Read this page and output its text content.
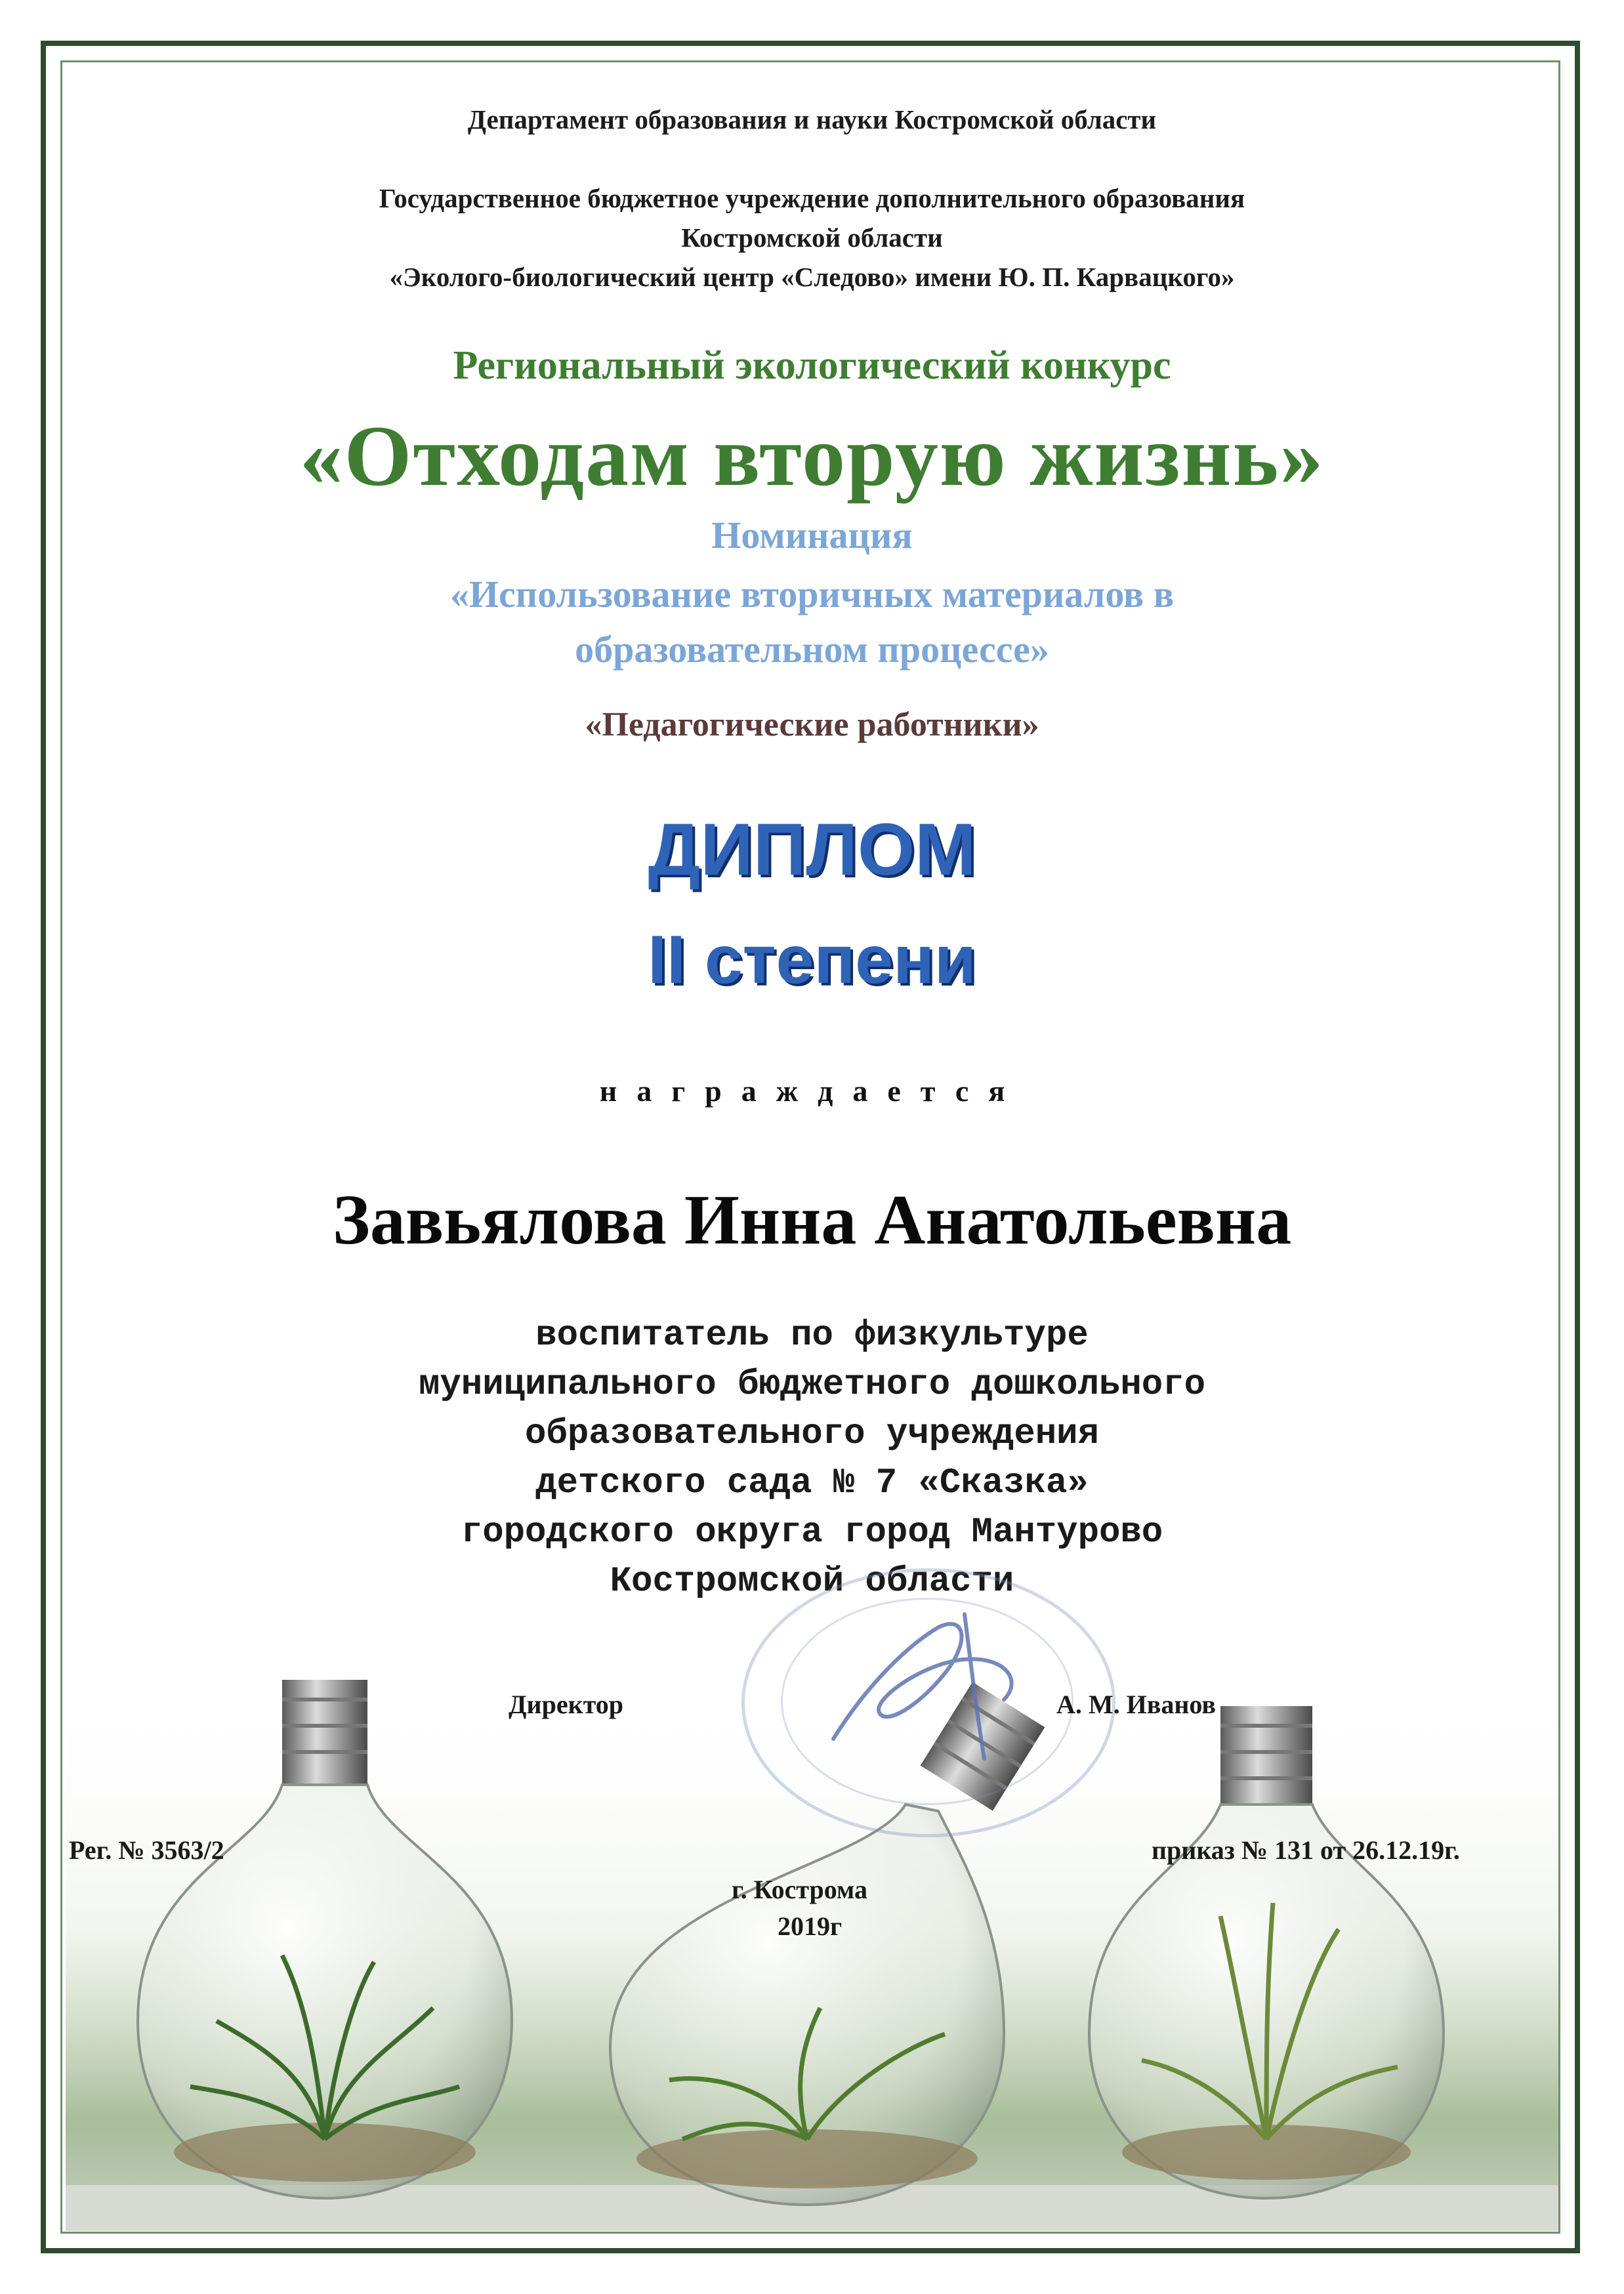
Департамент образования и науки Костромской области
Государственное бюджетное учреждение дополнительного образования
Костромской области
«Эколого-биологический центр «Следово» имени Ю. П. Карвацкого»
Региональный экологический конкурс
«Отходам вторую жизнь»
Номинация
«Использование вторичных материалов в
образовательном процессе»
«Педагогические работники»
ДИПЛОМ
II степени
награждается
Завьялова Инна Анатольевна
воспитатель по физкультуре
муниципального бюджетного дошкольного
образовательного учреждения
детского сада № 7 «Сказка»
городского округа город Мантурово
Костромской области
Директор	А. М. Иванов
Рег. № 3563/2	приказ № 131 от 26.12.19г.
г. Кострома
2019г
